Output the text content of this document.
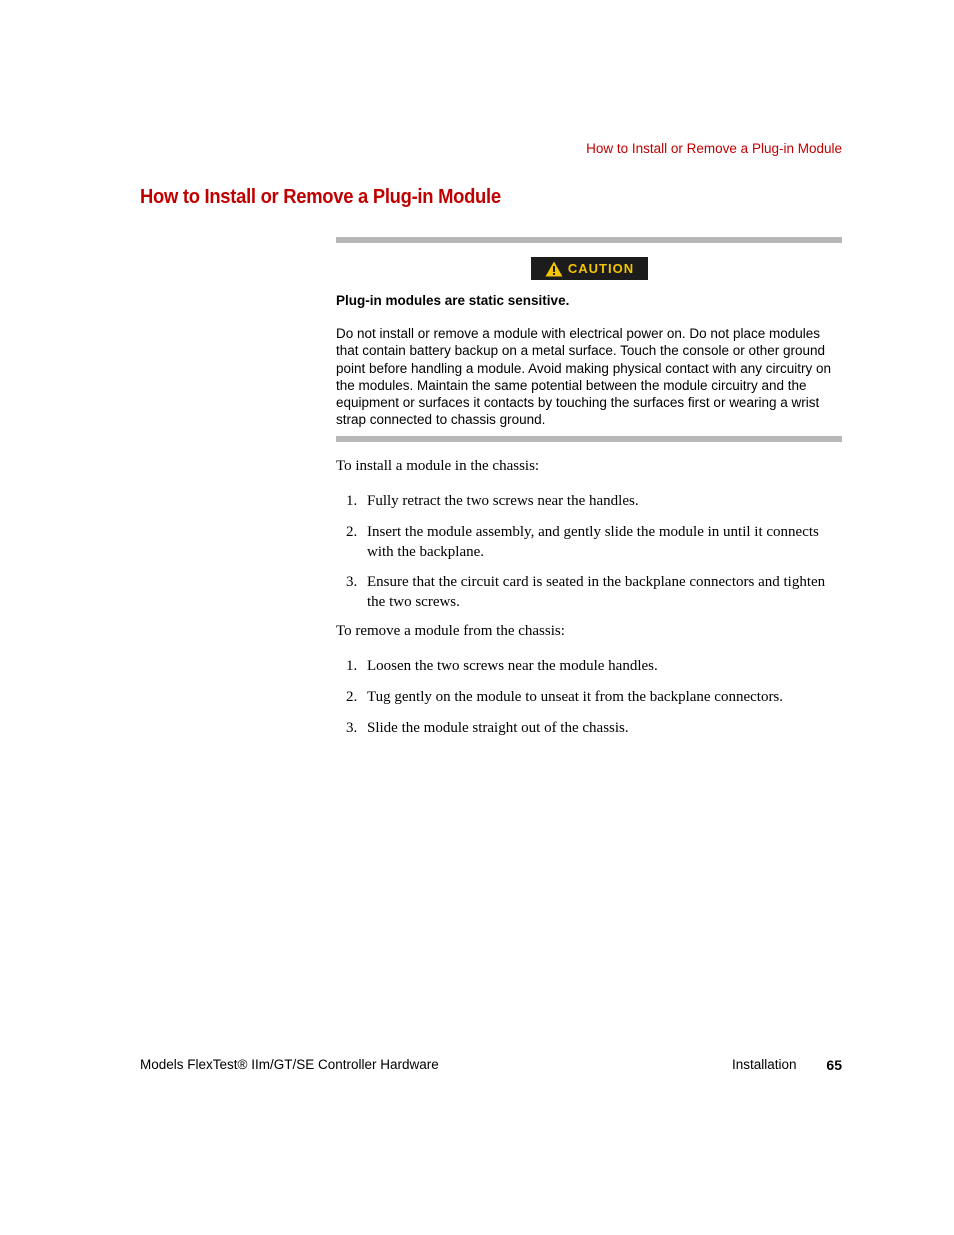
How to Install or Remove a Plug-in Module
How to Install or Remove a Plug-in Module
CAUTION
Plug-in modules are static sensitive.

Do not install or remove a module with electrical power on. Do not place modules that contain battery backup on a metal surface. Touch the console or other ground point before handling a module. Avoid making physical contact with any circuitry on the modules. Maintain the same potential between the module circuitry and the equipment or surfaces it contacts by touching the surfaces first or wearing a wrist strap connected to chassis ground.

To install a module in the chassis:
1. Fully retract the two screws near the handles.
2. Insert the module assembly, and gently slide the module in until it connects with the backplane.
3. Ensure that the circuit card is seated in the backplane connectors and tighten the two screws.
To remove a module from the chassis:
1. Loosen the two screws near the module handles.
2. Tug gently on the module to unseat it from the backplane connectors.
3. Slide the module straight out of the chassis.
Models FlexTest® IIm/GT/SE Controller Hardware	Installation 65
